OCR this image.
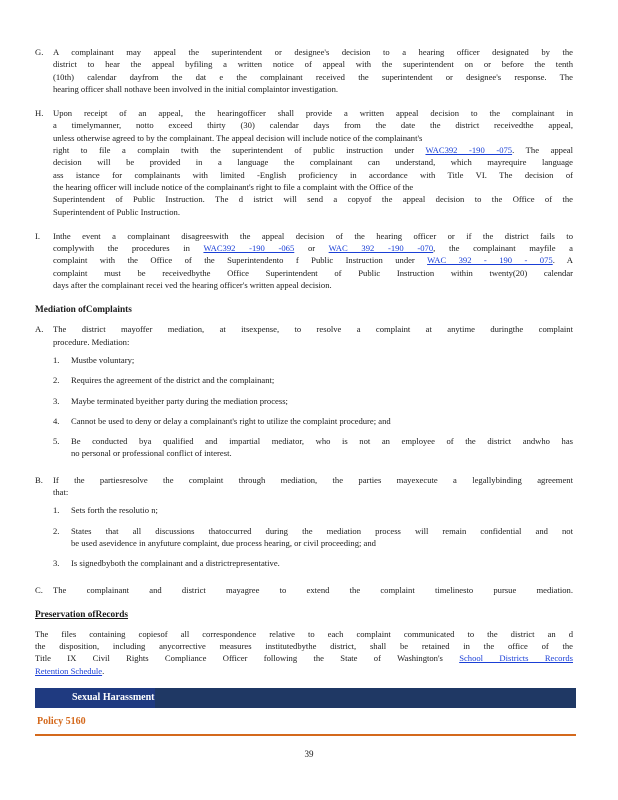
G.	A complainant may appeal the superintendent or designee's decision to a hearing officer designated by the
district to hear the appeal byfiling a written notice of appeal with the superintendent on or before the tenth
(10th) calendar dayfrom the dat e the complainant received the superintendent or designee's response. The
hearing officer shall nothave been involved in the initial complaintor investigation.
H.	Upon receipt of an appeal, the hearingofficer shall provide a written appeal decision to the complainant in
a timelymanner, notto exceed thirty (30) calendar days from the date the district receivedthe appeal,
unless otherwise agreed to by the complainant. The appeal decision will include notice of the complainant's
right to file a complain twith the superintendent of public instruction under WAC392 -190 -075. The appeal
decision will be provided in a language the complainant can understand, which mayrequire language
ass istance for complainants with limited -English proficiency in accordance with Title VI. The decision of
the hearing officer will include notice of the complainant's right to file a complaint with the Office of the
Superintendent of Public Instruction. The d istrict will send a copyof the appeal decision to the Office of the
Superintendent of Public Instruction.
I.	Inthe event a complainant disagreeswith the appeal decision of the hearing officer or if the district fails to
complywith the procedures in WAC392 -190 -065 or WAC 392 -190 -070, the complainant mayfile a
complaint with the Office of the Superintendento f Public Instruction under WAC 392 - 190 - 075. A
complaint must be receivedbythe Office Superintendent of Public Instruction within twenty(20) calendar
days after the complainant recei ved the hearing officer's written appeal decision.
Mediation ofComplaints
A.	The district mayoffer mediation, at itsexpense, to resolve a complaint at anytime duringthe complaint
procedure. Mediation:
1.	Mustbe voluntary;
2.	Requires the agreement of the district and the complainant;
3.	Maybe terminated byeither party during the mediation process;
4.	Cannot be used to deny or delay a complainant's right to utilize the complaint procedure; and
5.	Be conducted bya qualified and impartial mediator, who is not an employee of the district andwho has
no personal or professional conflict of interest.
B.	If the partiesresolve the complaint through mediation, the parties mayexecute a legallybinding agreement
that:
1.	Sets forth the resolutio n;
2.	States that all discussions thatoccurred during the mediation process will remain confidential and not
be used asevidence in anyfuture complaint, due process hearing, or civil proceeding; and
3.	Is signedbyboth the complainant and a districtrepresentative.
C.	The complainant and district mayagree to extend the complaint timelinesto pursue mediation.
Preservation ofRecords
The files containing copiesof all correspondence relative to each complaint communicated to the district an d
the disposition, including anycorrective measures institutedbythe district, shall be retained in the office of the
Title IX Civil Rights Compliance Officer following the State of Washington's School Districts Records
Retention Schedule.
Sexual Harassment
Policy 5160
39
